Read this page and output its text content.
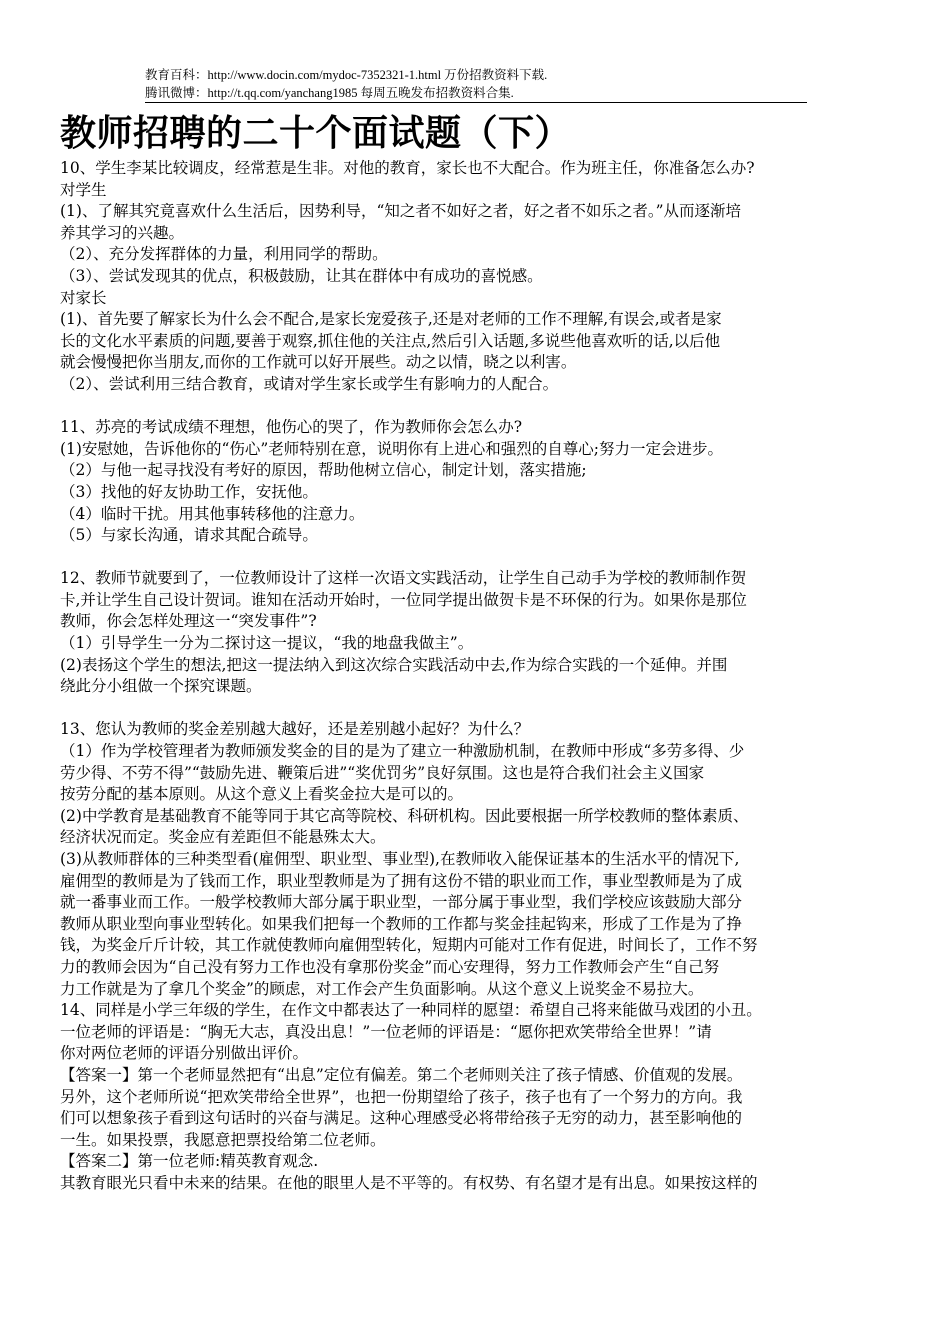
教育百科：http://www.docin.com/mydoc-7352321-1.html 万份招教资料下载.
腾讯微博：http://t.qq.com/yanchang1985 每周五晚发布招教资料合集.
教师招聘的二十个面试题（下）
10、学生李某比较调皮，经常惹是生非。对他的教育，家长也不大配合。作为班主任，你准备怎么办?
对学生
(1)、了解其究竟喜欢什么生活后，因势利导，“知之者不如好之者，好之者不如乐之者。”从而逐渐培
养其学习的兴趣。
（2）、充分发挥群体的力量，利用同学的帮助。
（3）、尝试发现其的优点，积极鼓励，让其在群体中有成功的喜悦感。
对家长
(1)、首先要了解家长为什么会不配合,是家长宠爱孩子,还是对老师的工作不理解,有误会,或者是家
长的文化水平素质的问题,要善于观察,抓住他的关注点,然后引入话题,多说些他喜欢听的话,以后他
就会慢慢把你当朋友,而你的工作就可以好开展些。动之以情，晓之以利害。
（2）、尝试利用三结合教育，或请对学生家长或学生有影响力的人配合。
11、苏亮的考试成绩不理想，他伤心的哭了，作为教师你会怎么办?
(1)安慰她，告诉他你的“伤心”老师特别在意，说明你有上进心和强烈的自尊心;努力一定会进步。
（2）与他一起寻找没有考好的原因，帮助他树立信心，制定计划，落实措施;
（3）找他的好友协助工作，安抚他。
（4）临时干扰。用其他事转移他的注意力。
（5）与家长沟通，请求其配合疏导。
12、教师节就要到了，一位教师设计了这样一次语文实践活动，让学生自己动手为学校的教师制作贺
卡,并让学生自己设计贺词。谁知在活动开始时，一位同学提出做贺卡是不环保的行为。如果你是那位
教师，你会怎样处理这一“突发事件”?
（1）引导学生一分为二探讨这一提议，“我的地盘我做主”。
(2)表扬这个学生的想法,把这一提法纳入到这次综合实践活动中去,作为综合实践的一个延伸。并围
绕此分小组做一个探究课题。
13、您认为教师的奖金差别越大越好，还是差别越小起好？为什么？
（1）作为学校管理者为教师颁发奖金的目的是为了建立一种激励机制，在教师中形成“多劳多得、少
劳少得、不劳不得”“鼓励先进、鞭策后进”“奖优罚劣”良好氛围。这也是符合我们社会主义国家
按劳分配的基本原则。从这个意义上看奖金拉大是可以的。
(2)中学教育是基础教育不能等同于其它高等院校、科研机构。因此要根据一所学校教师的整体素质、
经济状况而定。奖金应有差距但不能悬殊太大。
(3)从教师群体的三种类型看(雇佣型、职业型、事业型),在教师收入能保证基本的生活水平的情况下,
雇佣型的教师是为了钱而工作，职业型教师是为了拥有这份不错的职业而工作，事业型教师是为了成
就一番事业而工作。一般学校教师大部分属于职业型，一部分属于事业型，我们学校应该鼓励大部分
教师从职业型向事业型转化。如果我们把每一个教师的工作都与奖金挂起钩来，形成了工作是为了挣
钱，为奖金斤斤计较，其工作就使教师向雇佣型转化，短期内可能对工作有促进，时间长了，工作不努
力的教师会因为“自己没有努力工作也没有拿那份奖金”而心安理得，努力工作教师会产生“自己努
力工作就是为了拿几个奖金”的顾虑，对工作会产生负面影响。从这个意义上说奖金不易拉大。
14、同样是小学三年级的学生，在作文中都表达了一种同样的愿望：希望自己将来能做马戏团的小丑。
一位老师的评语是：“胸无大志，真没出息！”一位老师的评语是：“愿你把欢笑带给全世界！”请
你对两位老师的评语分别做出评价。
【答案一】第一个老师显然把有“出息”定位有偏差。第二个老师则关注了孩子情感、价值观的发展。
另外，这个老师所说“把欢笑带给全世界”，也把一份期望给了孩子，孩子也有了一个努力的方向。我
们可以想象孩子看到这句话时的兴奋与满足。这种心理感受必将带给孩子无穷的动力，甚至影响他的
一生。如果投票，我愿意把票投给第二位老师。
【答案二】第一位老师:精英教育观念.
其教育眼光只看中未来的结果。在他的眼里人是不平等的。有权势、有名望才是有出息。如果按这样的
